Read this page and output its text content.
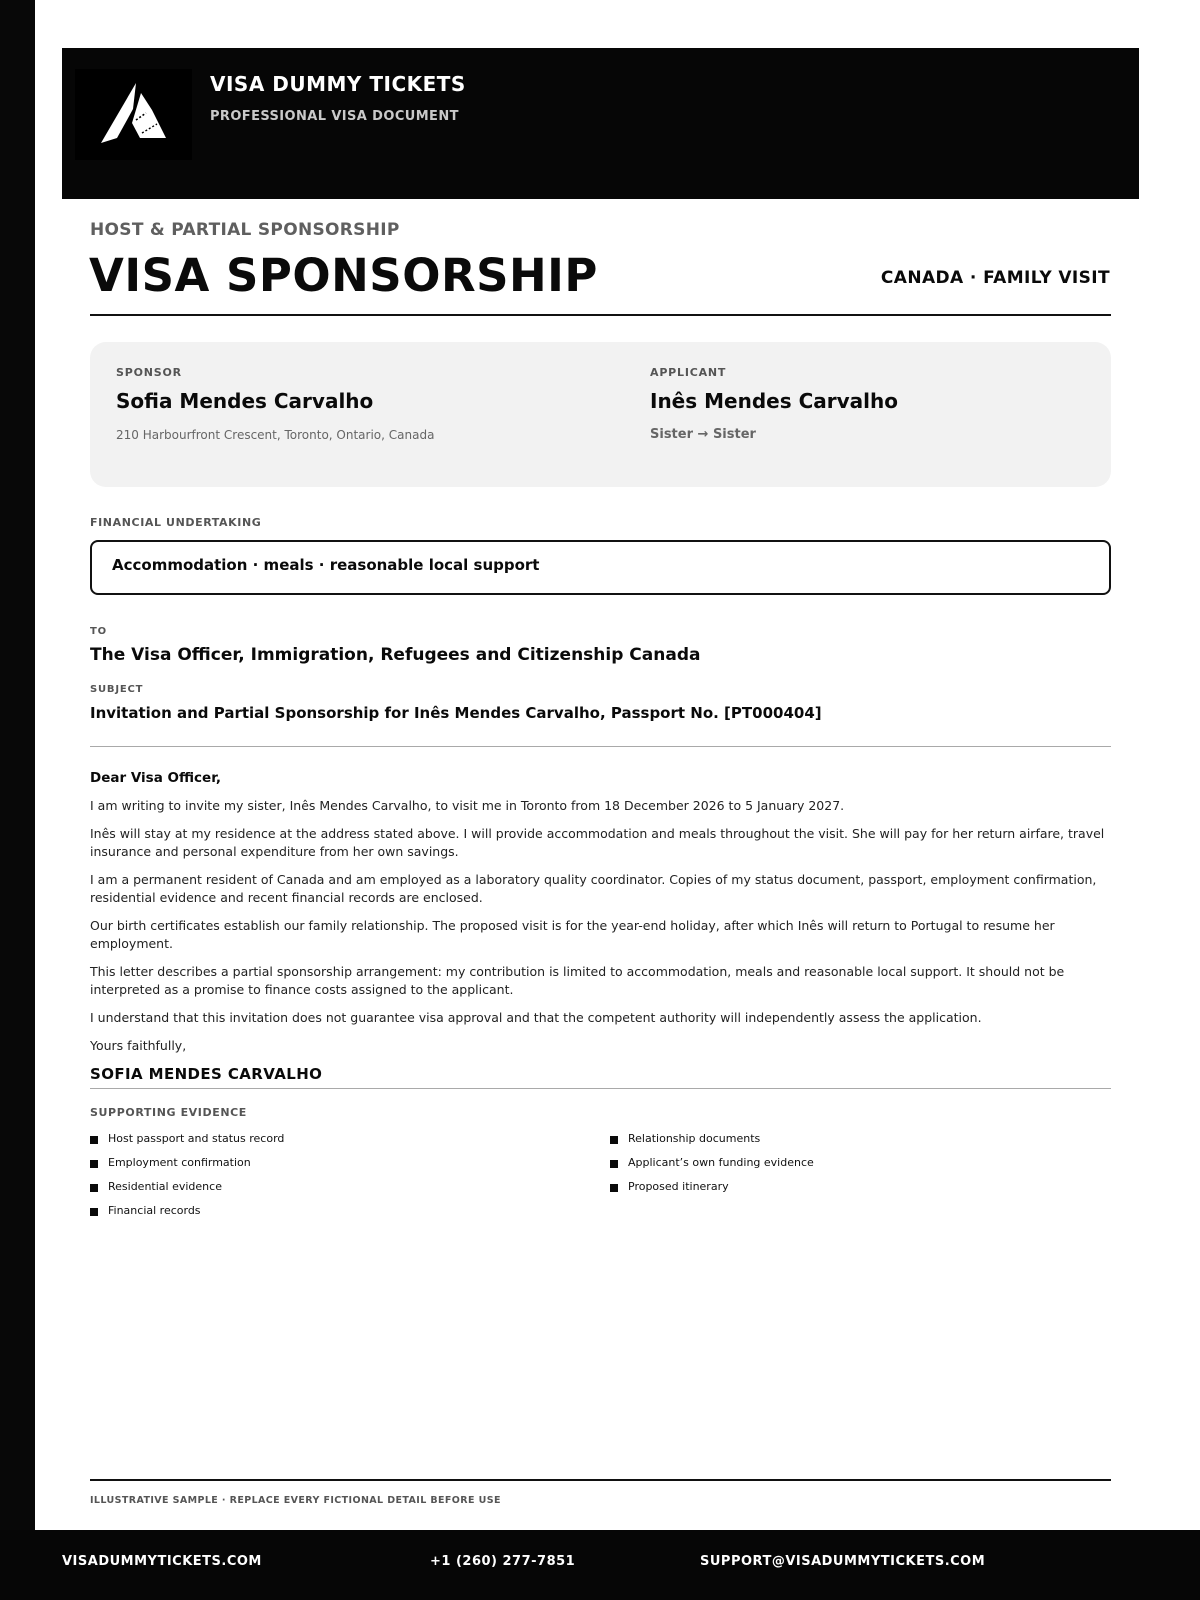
VISA DUMMY TICKETS
PROFESSIONAL VISA DOCUMENT
HOST & PARTIAL SPONSORSHIP
VISA SPONSORSHIP	CANADA · FAMILY VISIT
SPONSOR
Sofia Mendes Carvalho
210 Harbourfront Crescent, Toronto, Ontario, Canada
APPLICANT
Inês Mendes Carvalho
Sister → Sister
FINANCIAL UNDERTAKING
Accommodation · meals · reasonable local support
TO
The Visa Officer, Immigration, Refugees and Citizenship Canada
SUBJECT
Invitation and Partial Sponsorship for Inês Mendes Carvalho, Passport No. [PT000404]

Dear Visa Officer,

I am writing to invite my sister, Inês Mendes Carvalho, to visit me in Toronto from 18 December 2026 to 5 January 2027.

Inês will stay at my residence at the address stated above. I will provide accommodation and meals throughout the visit. She will pay for her return airfare, travel insurance and personal expenditure from her own savings.

I am a permanent resident of Canada and am employed as a laboratory quality coordinator. Copies of my status document, passport, employment confirmation, residential evidence and recent financial records are enclosed.

Our birth certificates establish our family relationship. The proposed visit is for the year-end holiday, after which Inês will return to Portugal to resume her employment.

This letter describes a partial sponsorship arrangement: my contribution is limited to accommodation, meals and reasonable local support. It should not be interpreted as a promise to finance costs assigned to the applicant.

I understand that this invitation does not guarantee visa approval and that the competent authority will independently assess the application.

Yours faithfully,

SOFIA MENDES CARVALHO

SUPPORTING EVIDENCE
Host passport and status record
Employment confirmation
Residential evidence
Financial records
Relationship documents
Applicant’s own funding evidence
Proposed itinerary
ILLUSTRATIVE SAMPLE · REPLACE EVERY FICTIONAL DETAIL BEFORE USE
VISADUMMYTICKETS.COM	+1 (260) 277-7851	SUPPORT@VISADUMMYTICKETS.COM
